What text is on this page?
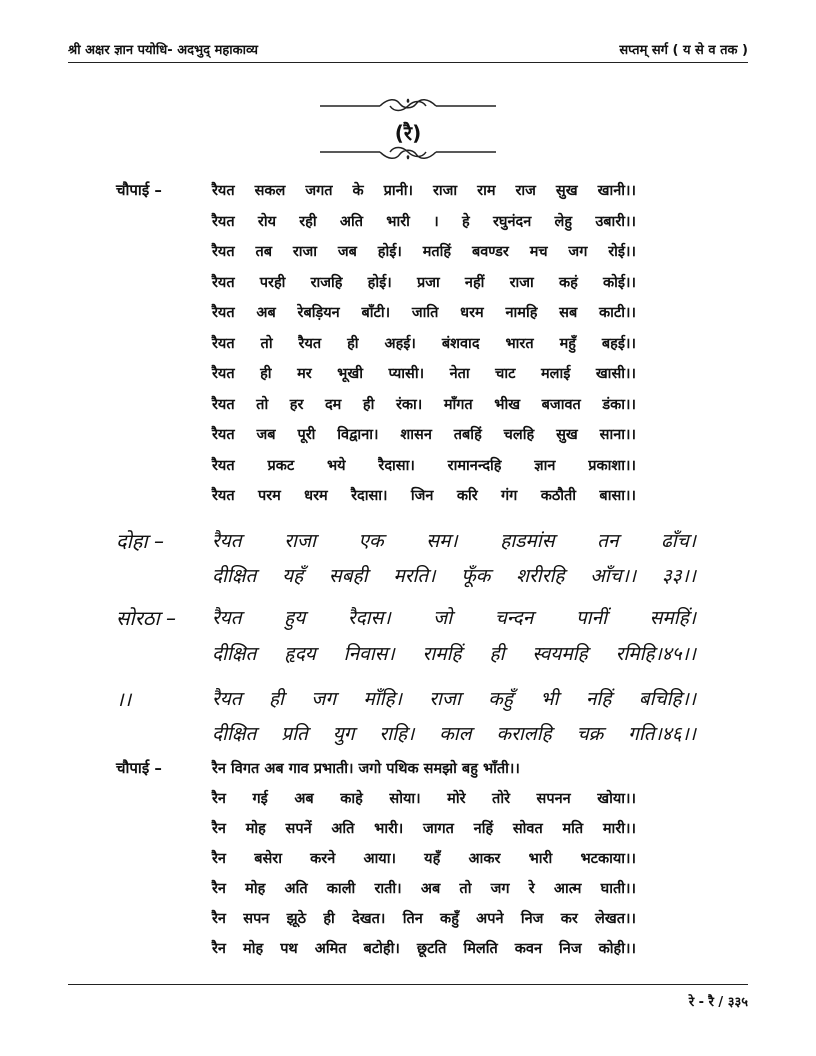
श्री अक्षर ज्ञान पयोधि- अदभुद् महाकाव्य	सप्तम् सर्ग ( य से व तक )
(रै)
चौपाई –	रैयत सकल जगत के प्रानी। राजा राम राज सुख खानी।।
रैयत रोय रही अति भारी । हे रघुनंदन लेहु उबारी।।
रैयत तब राजा जब होई। मतहिं बवण्डर मच जग रोई।।
रैयत परही राजहि होई। प्रजा नहीं राजा कहं कोई।।
रैयत अब रेबड़ियन बाँटी। जाति धरम नामहि सब काटी।।
रैयत तो रैयत ही अहई। बंशवाद भारत महुँ बहई।।
रैयत ही मर भूखी प्यासी। नेता चाट मलाई खासी।।
रैयत तो हर दम ही रंका। माँगत भीख बजावत डंका।।
रैयत जब पूरी विद्वाना। शासन तबहिं चलहि सुख साना।।
रैयत प्रकट भये रैदासा। रामानन्दहि ज्ञान प्रकाशा।।
रैयत परम धरम रैदासा। जिन करि गंग कठौती बासा।।
दोहा –	रैयत राजा एक सम। हाडमांस तन ढाँच।
दीक्षित यहँ सबही मरति। फूँक शरीरहि आँच।। ३३।।
सोरठा – रैयत हुय रैदास। जो चन्दन पानीं समहिं।
दीक्षित हृदय निवास। रामहिं ही स्वयमहि रमिहि।४५।।
।।	रैयत ही जग माँहि। राजा कहुँ भी नहिं बचिहि।।
दीक्षित प्रति युग राहि। काल करालहि चक्र गति।४६।।
चौपाई –	रैन विगत अब गाव प्रभाती। जगो पथिक समझो बहु भाँती।।
रैन गई अब काहे सोया। मोरे तोरे सपनन खोया।।
रैन मोह सपनें अति भारी। जागत नहिं सोवत मति मारी।।
रैन बसेरा करने आया। यहँ आकर भारी भटकाया।।
रैन मोह अति काली राती। अब तो जग रे आत्म घाती।।
रैन सपन झूठे ही देखत। तिन कहुँ अपने निज कर लेखत।।
रैन मोह पथ अमित बटोही। छूटति मिलति कवन निज कोही।।
रे - रै / ३३५
